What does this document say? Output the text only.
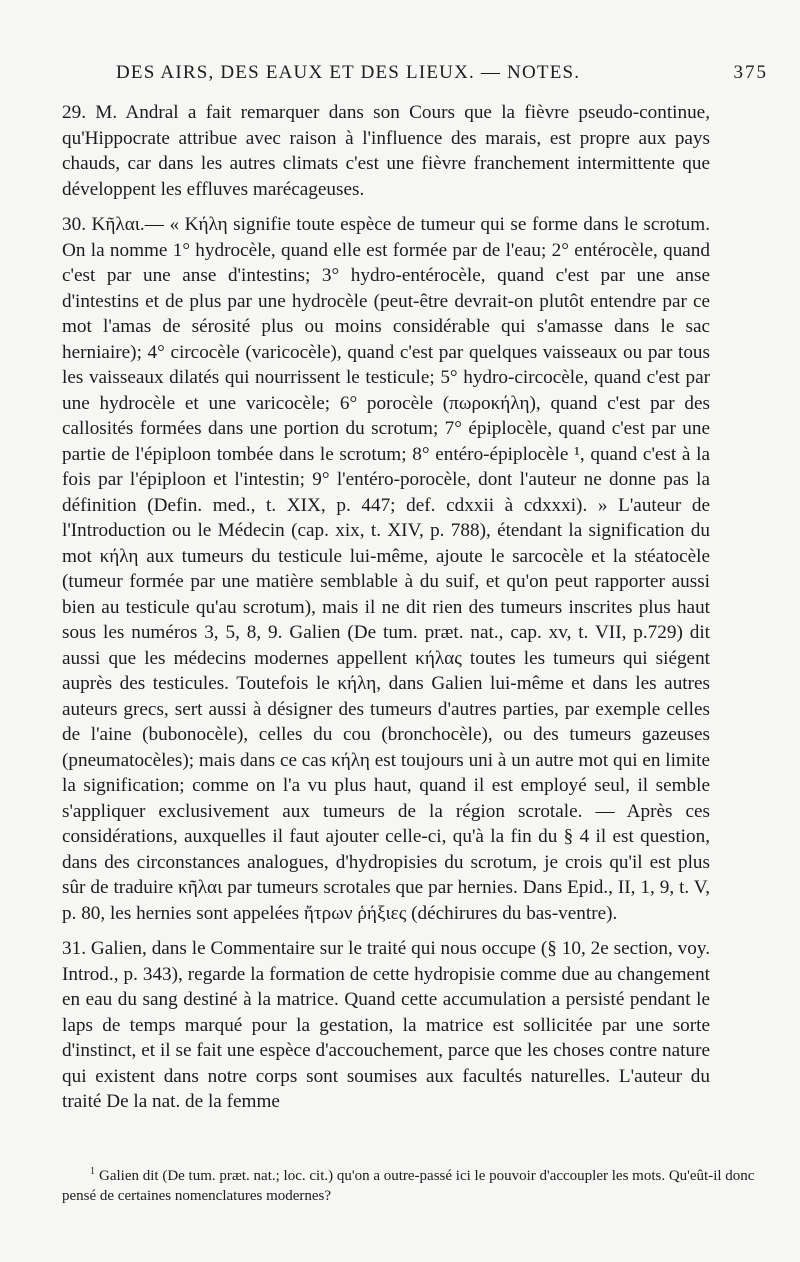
DES AIRS, DES EAUX ET DES LIEUX. — NOTES.	375

29. M. Andral a fait remarquer dans son Cours que la fièvre pseudo-continue, qu'Hippocrate attribue avec raison à l'influence des marais, est propre aux pays chauds, car dans les autres climats c'est une fièvre franchement intermittente que développent les effluves marécageuses.

30. Κῆλαι.— « Κήλη signifie toute espèce de tumeur qui se forme dans le scrotum. On la nomme 1° hydrocèle, quand elle est formée par de l'eau; 2° entérocèle, quand c'est par une anse d'intestins; 3° hydro-entérocèle, quand c'est par une anse d'intestins et de plus par une hydrocèle (peut-être devrait-on plutôt entendre par ce mot l'amas de sérosité plus ou moins considérable qui s'amasse dans le sac herniaire); 4° circocèle (varicocèle), quand c'est par quelques vaisseaux ou par tous les vaisseaux dilatés qui nourrissent le testicule; 5° hydro-circocèle, quand c'est par une hydrocèle et une varicocèle; 6° porocèle (πωροκήλη), quand c'est par des callosités formées dans une portion du scrotum; 7° épiplocèle, quand c'est par une partie de l'épiploon tombée dans le scrotum; 8° entéro-épiplocèle ¹, quand c'est à la fois par l'épiploon et l'intestin; 9° l'entéro-porocèle, dont l'auteur ne donne pas la définition (Defin. med., t. XIX, p. 447; def. cdxxii à cdxxxi). » L'auteur de l'Introduction ou le Médecin (cap. xix, t. XIV, p. 788), étendant la signification du mot κήλη aux tumeurs du testicule lui-même, ajoute le sarcocèle et la stéatocèle (tumeur formée par une matière semblable à du suif, et qu'on peut rapporter aussi bien au testicule qu'au scrotum), mais il ne dit rien des tumeurs inscrites plus haut sous les numéros 3, 5, 8, 9. Galien (De tum. præt. nat., cap. xv, t. VII, p.729) dit aussi que les médecins modernes appellent κήλας toutes les tumeurs qui siégent auprès des testicules. Toutefois le κήλη, dans Galien lui-même et dans les autres auteurs grecs, sert aussi à désigner des tumeurs d'autres parties, par exemple celles de l'aine (bubonocèle), celles du cou (bronchocèle), ou des tumeurs gazeuses (pneumatocèles); mais dans ce cas κήλη est toujours uni à un autre mot qui en limite la signification; comme on l'a vu plus haut, quand il est employé seul, il semble s'appliquer exclusivement aux tumeurs de la région scrotale. — Après ces considérations, auxquelles il faut ajouter celle-ci, qu'à la fin du § 4 il est question, dans des circonstances analogues, d'hydropisies du scrotum, je crois qu'il est plus sûr de traduire κῆλαι par tumeurs scrotales que par hernies. Dans Epid., II, 1, 9, t. V, p. 80, les hernies sont appelées ἤτρων ῥήξιες (déchirures du bas-ventre).

31. Galien, dans le Commentaire sur le traité qui nous occupe (§ 10, 2e section, voy. Introd., p. 343), regarde la formation de cette hydropisie comme due au changement en eau du sang destiné à la matrice. Quand cette accumulation a persisté pendant le laps de temps marqué pour la gestation, la matrice est sollicitée par une sorte d'instinct, et il se fait une espèce d'accouchement, parce que les choses contre nature qui existent dans notre corps sont soumises aux facultés naturelles. L'auteur du traité De la nat. de la femme

$^1$ Galien dit (De tum. præt. nat.; loc. cit.) qu'on a outre-passé ici le pouvoir d'accoupler les mots. Qu'eût-il donc pensé de certaines nomenclatures modernes?
